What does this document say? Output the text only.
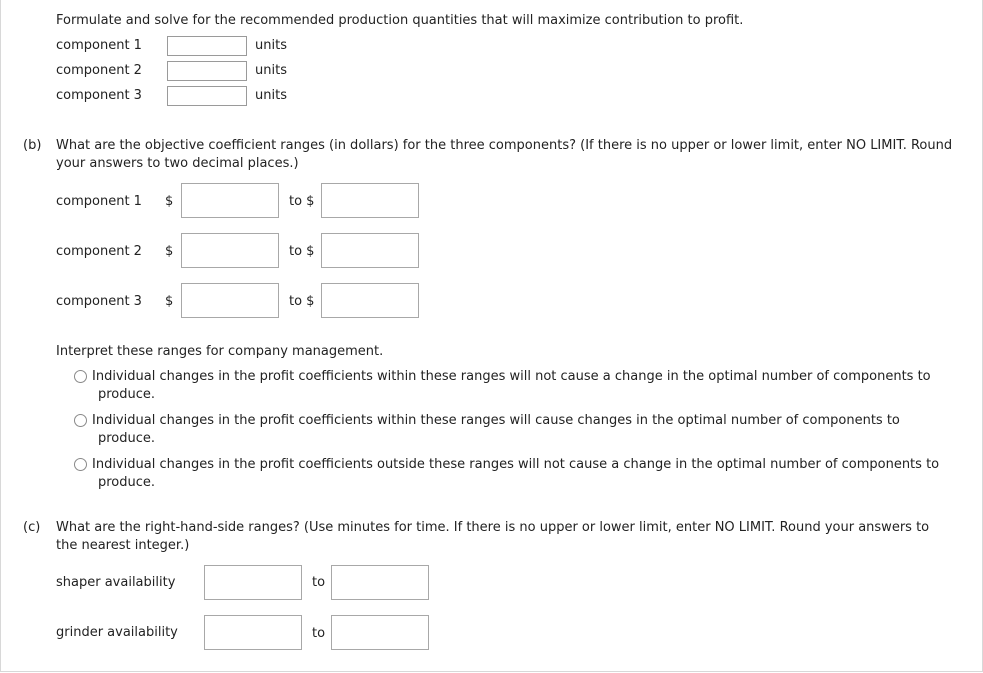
Formulate and solve for the recommended production quantities that will maximize contribution to profit.
component 1	units
component 2	units
component 3	units
(b) What are the objective coefficient ranges (in dollars) for the three components? (If there is no upper or lower limit, enter NO LIMIT. Round
your answers to two decimal places.)
component 1 $	to $
component 2 $	to $
component 3 $	to $
Interpret these ranges for company management.
Individual changes in the profit coefficients within these ranges will not cause a change in the optimal number of components to
produce.
Individual changes in the profit coefficients within these ranges will cause changes in the optimal number of components to
produce.
Individual changes in the profit coefficients outside these ranges will not cause a change in the optimal number of components to
produce.
(c) What are the right-hand-side ranges? (Use minutes for time. If there is no upper or lower limit, enter NO LIMIT. Round your answers to
the nearest integer.)
shaper availability	to
grinder availability	to
